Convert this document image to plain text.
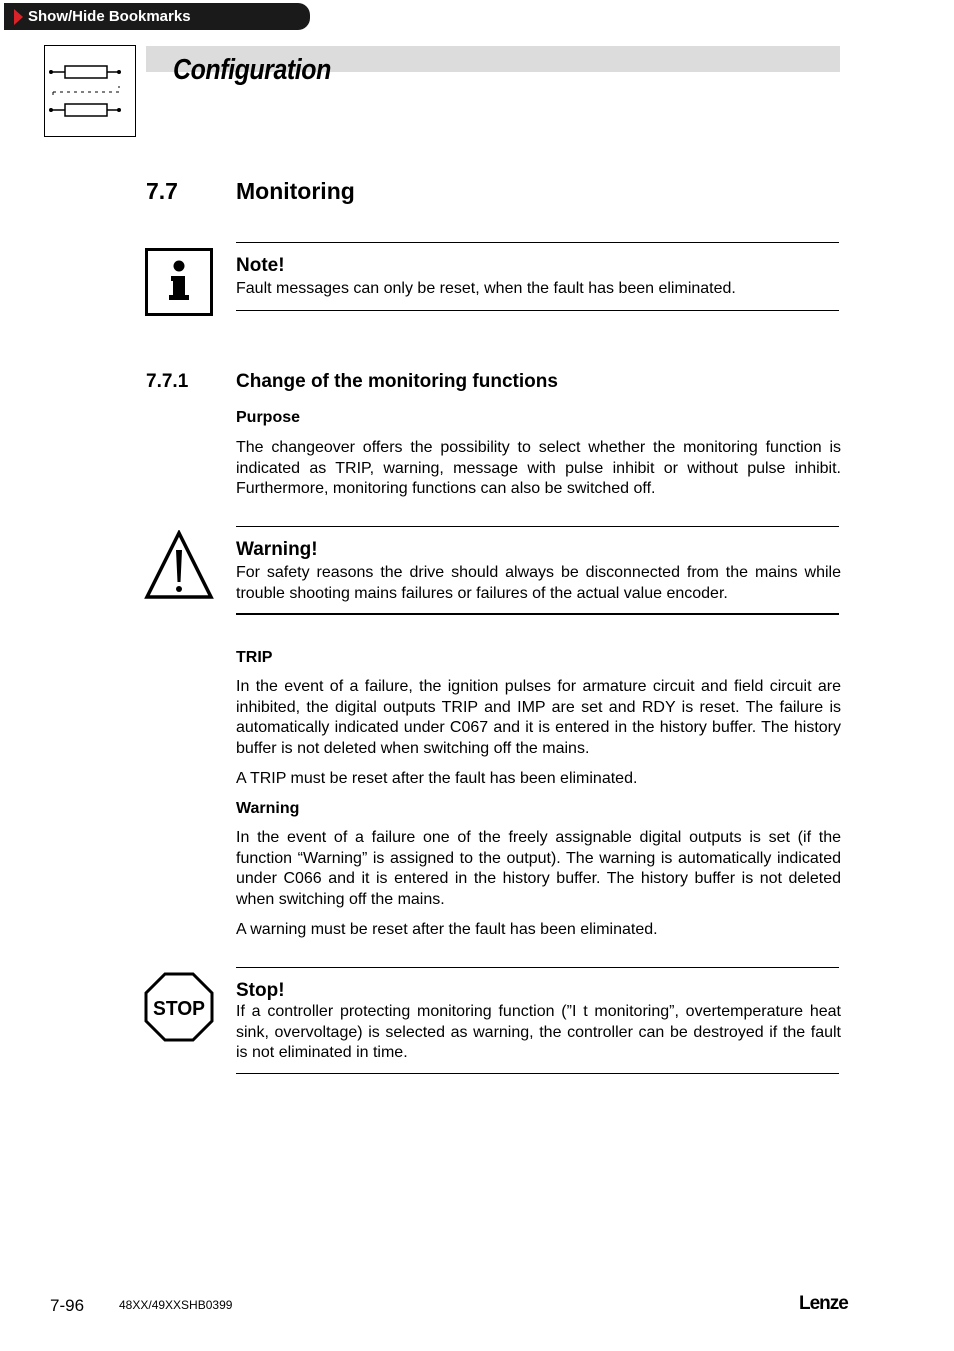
Show/Hide Bookmarks
Configuration
7.7	Monitoring
Note!
Fault messages can only be reset, when the fault has been eliminated.
7.7.1	Change of the monitoring functions
Purpose
The changeover offers the possibility to select whether the monitoring function is indicated as TRIP, warning, message with pulse inhibit or without pulse inhibit. Furthermore, monitoring functions can also be switched off.
Warning!
For safety reasons the drive should always be disconnected from the mains while trouble shooting mains failures or failures of the actual value encoder.
TRIP
In the event of a failure, the ignition pulses for armature circuit and field circuit are inhibited, the digital outputs TRIP and IMP are set and RDY is reset. The failure is automatically indicated under C067 and it is entered in the history buffer. The history buffer is not deleted when switching off the mains.
A TRIP must be reset after the fault has been eliminated.
Warning
In the event of a failure one of the freely assignable digital outputs is set (if the function “Warning” is assigned to the output). The warning is automatically indicated under C066 and it is entered in the history buffer. The history buffer is not deleted when switching off the mains.
A warning must be reset after the fault has been eliminated.
STOP
Stop!
If a controller protecting monitoring function (”I t monitoring”, overtemperature heat sink, overvoltage) is selected as warning, the controller can be destroyed if the fault is not eliminated in time.
7-96	48XX/49XXSHB0399	Lenze
